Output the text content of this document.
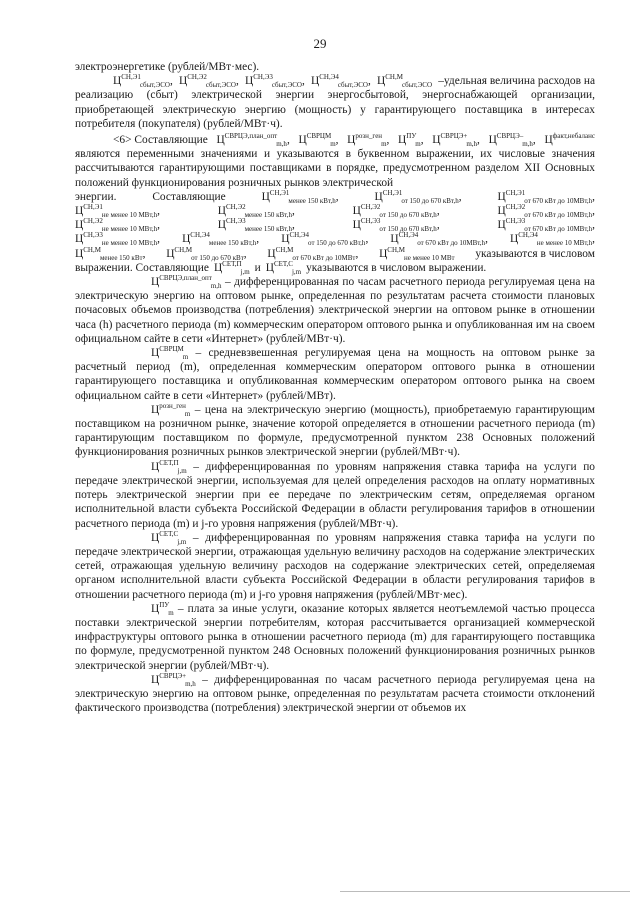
29

электроэнергетике (рублей/МВт·мес).

$Ц^{СН,Э1}_{сбыт,ЭСО}$, $Ц^{СН,Э2}_{сбыт,ЭСО}$, $Ц^{СН,Э3}_{сбыт,ЭСО}$, $Ц^{СН,Э4}_{сбыт,ЭСО}$, $Ц^{СН,М}_{сбыт,ЭСО}$ –удельная величина расходов на

реализацию (сбыт) электрической энергии энергосбытовой, энергоснабжающей организации, приобретающей электрическую энергию (мощность) у гарантирующего поставщика в интересах потребителя (покупателя) (рублей/МВт·ч).

<6> Составляющие $Ц^{СВРЦЭ,план\_опт}_{m,h}$, $Ц^{СВРЦМ}_m$, $Ц^{розн\_ген}_m$, $Ц^{ПУ}_m$, $Ц^{СВРЦЭ+}_{m,h}$, $Ц^{СВРЦЭ-}_{m,h}$, $Ц^{факт,небаланс}$

являются переменными значениями и указываются в буквенном выражении, их числовые значения рассчитываются гарантирующими поставщиками в порядке, предусмотренном разделом XII Основных положений функционирования розничных рынков электрической

энергии.	Составляющие	$Ц^{СН,Э1}_{менее 150 кВт,h}$,	$Ц^{СН,Э1}_{от 150 до 670 кВт,h}$,	$Ц^{СН,Э1}_{от 670 кВт до 10МВт,h}$,
$Ц^{СН,Э1}_{не менее 10 МВт,h}$,	$Ц^{СН,Э2}_{менее 150 кВт,h}$,	$Ц^{СН,Э2}_{от 150 до 670 кВт,h}$,	$Ц^{СН,Э2}_{от 670 кВт до 10МВт,h}$,
$Ц^{СН,Э2}_{не менее 10 МВт,h}$,	$Ц^{СН,Э3}_{менее 150 кВт,h}$,	$Ц^{СН,Э3}_{от 150 до 670 кВт,h}$,	$Ц^{СН,Э3}_{от 670 кВт до 10МВт,h}$,
$Ц^{СН,Э3}_{не менее 10 МВт,h}$, $Ц^{СН,Э4}_{менее 150 кВт,h}$, $Ц^{СН,Э4}_{от 150 до 670 кВт,h}$, $Ц^{СН,Э4}_{от 670 кВт до 10МВт,h}$, $Ц^{СН,Э4}_{не менее 10 МВт,h}$,
$Ц^{СН,М}_{менее 150 кВт}$, $Ц^{СН,М}_{от 150 до 670 кВт}$, $Ц^{СН,М}_{от 670 кВт до 10МВт}$, $Ц^{СН,М}_{не менее 10 МВт}$ указываются в числовом
выражении. Составляющие $Ц^{СЕТ,П}_{j,m}$ и $Ц^{СЕТ,С}_{j,m}$ указываются в числовом выражении.

$Ц^{СВРЦЭ,план\_опт}_{m,h}$ – дифференцированная по часам расчетного периода регулируемая цена на электрическую энергию на оптовом рынке, определенная по результатам расчета стоимости плановых почасовых объемов производства (потребления) электрической энергии на оптовом рынке в отношении часа (h) расчетного периода (m) коммерческим оператором оптового рынка и опубликованная им на своем официальном сайте в сети «Интернет» (рублей/МВт·ч).

$Ц^{СВРЦМ}_m$ – средневзвешенная регулируемая цена на мощность на оптовом рынке за расчетный период (m), определенная коммерческим оператором оптового рынка в отношении гарантирующего поставщика и опубликованная коммерческим оператором оптового рынка на своем официальном сайте в сети «Интернет» (рублей/МВт).

$Ц^{розн\_ген}_m$ – цена на электрическую энергию (мощность), приобретаемую гарантирующим поставщиком на розничном рынке, значение которой определяется в отношении расчетного периода (m) гарантирующим поставщиком по формуле, предусмотренной пунктом 238 Основных положений функционирования розничных рынков электрической энергии (рублей/МВт·ч).

$Ц^{СЕТ,П}_{j,m}$ – дифференцированная по уровням напряжения ставка тарифа на услуги по передаче электрической энергии, используемая для целей определения расходов на оплату нормативных потерь электрической энергии при ее передаче по электрическим сетям, определяемая органом исполнительной власти субъекта Российской Федерации в области регулирования тарифов в отношении расчетного периода (m) и j-го уровня напряжения (рублей/МВт·ч).

$Ц^{СЕТ,С}_{j,m}$ – дифференцированная по уровням напряжения ставка тарифа на услуги по передаче электрической энергии, отражающая удельную величину расходов на содержание электрических сетей, отражающая удельную величину расходов на содержание электрических сетей, определяемая органом исполнительной власти субъекта Российской Федерации в области регулирования тарифов в отношении расчетного периода (m) и j-го уровня напряжения (рублей/МВт·мес).

$Ц^{ПУ}_m$ – плата за иные услуги, оказание которых является неотъемлемой частью процесса поставки электрической энергии потребителям, которая рассчитывается организацией коммерческой инфраструктуры оптового рынка в отношении расчетного периода (m) для гарантирующего поставщика по формуле, предусмотренной пунктом 248 Основных положений функционирования розничных рынков электрической энергии (рублей/МВт·ч).

$Ц^{СВРЦЭ+}_{m,h}$ – дифференцированная по часам расчетного периода регулируемая цена на электрическую энергию на оптовом рынке, определенная по результатам расчета стоимости отклонений фактического производства (потребления) электрической энергии от объемов их
